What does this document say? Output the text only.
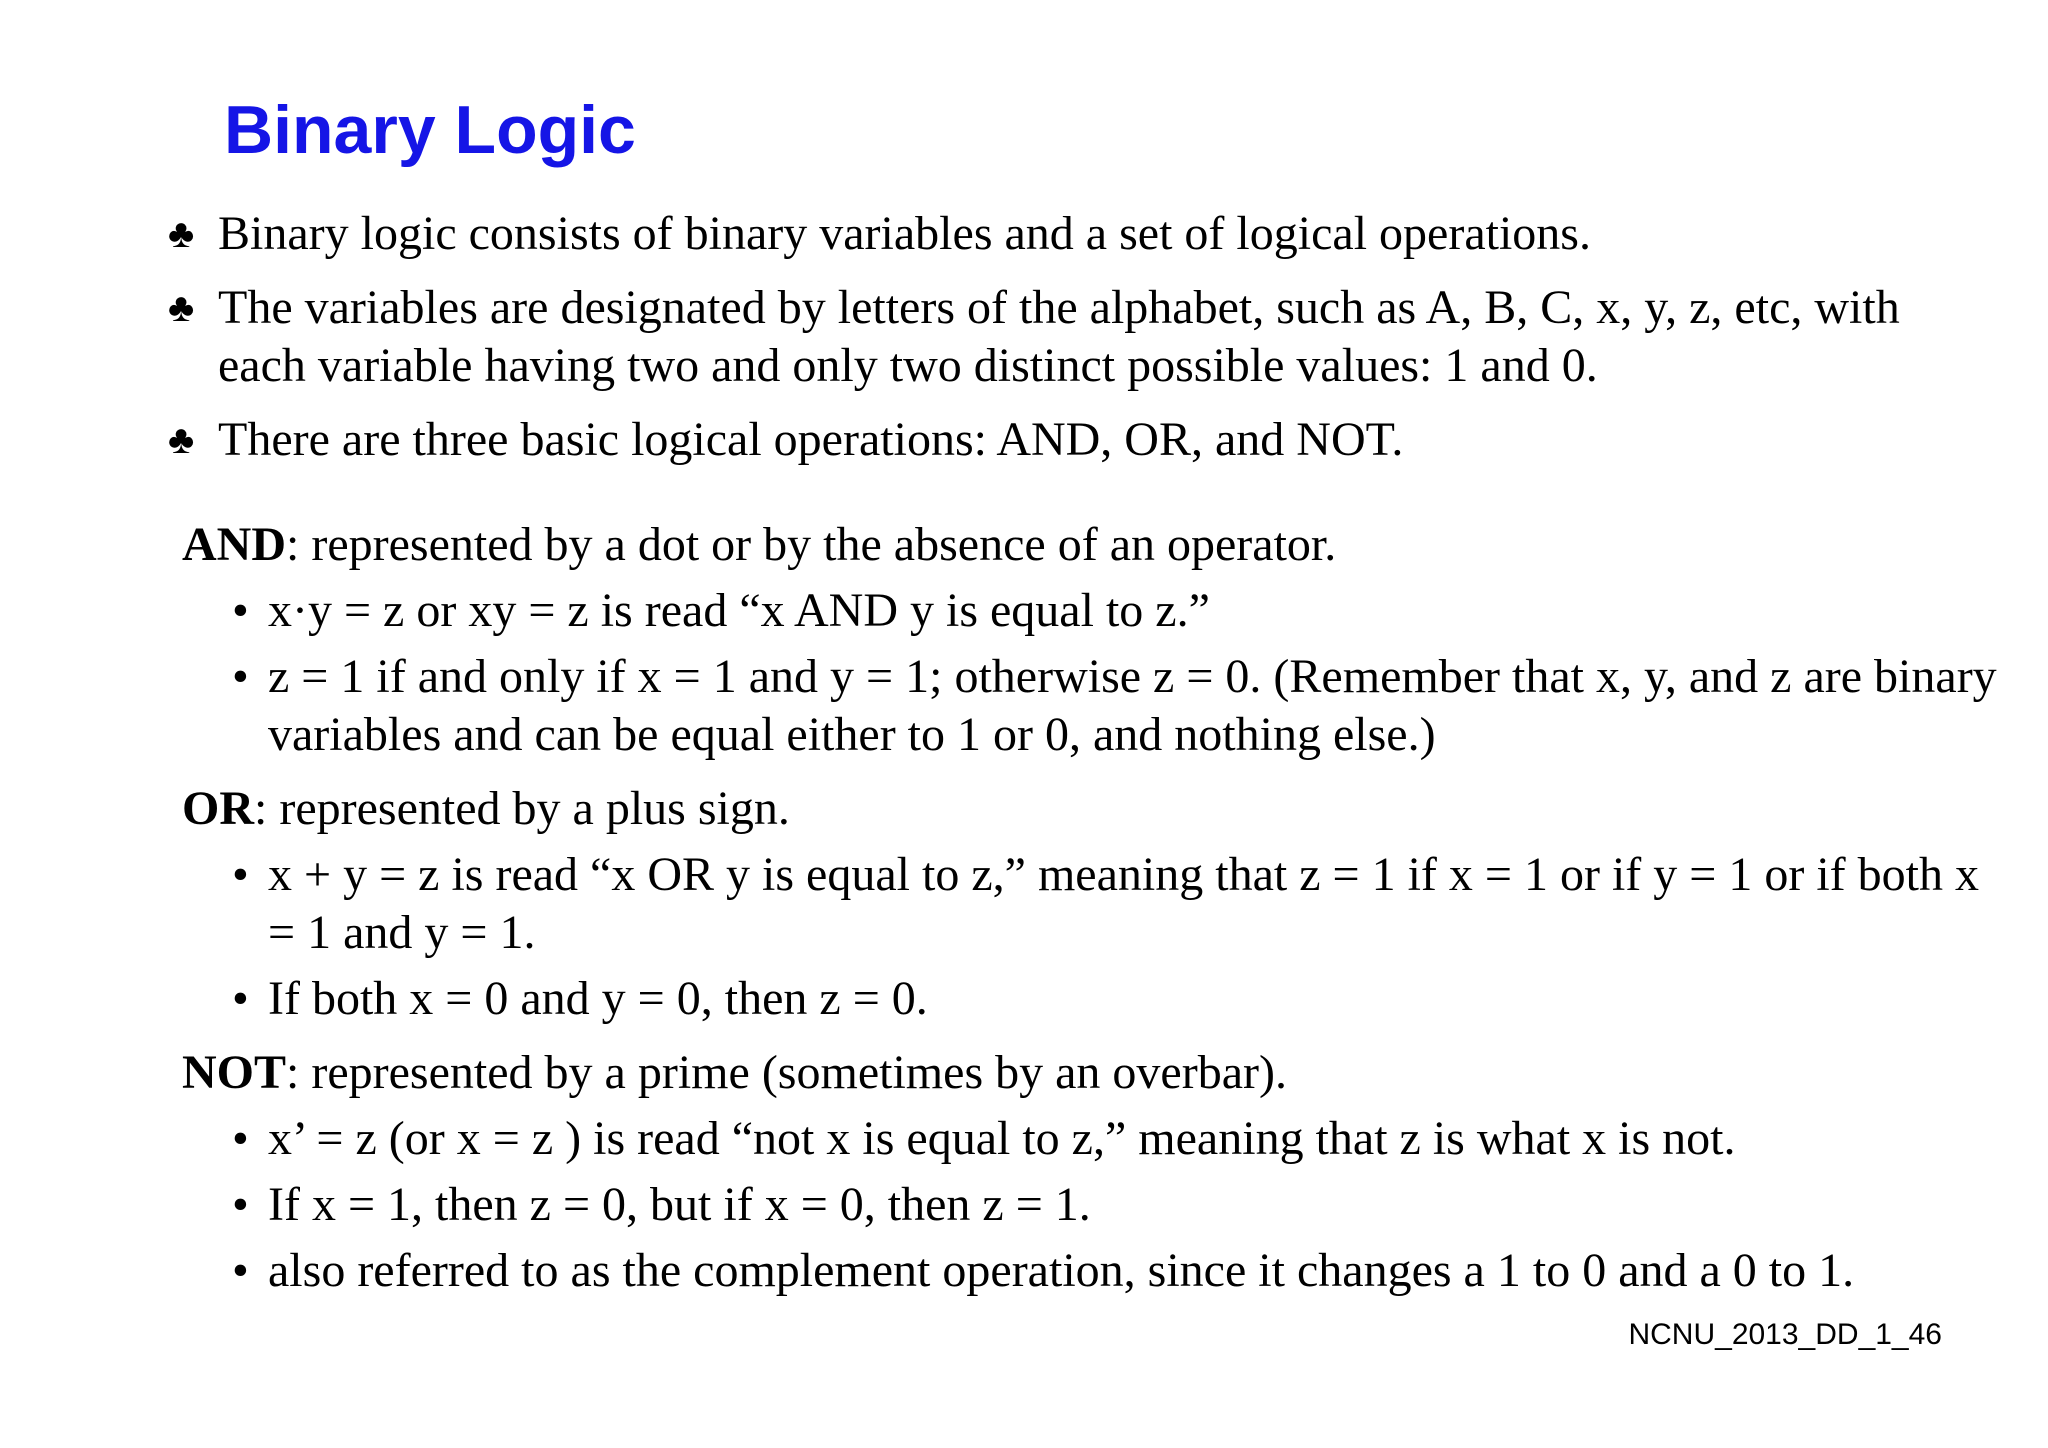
Binary Logic
♣ Binary logic consists of binary variables and a set of logical operations.
♣ The variables are designated by letters of the alphabet, such as A, B, C, x, y, z, etc, with each variable having two and only two distinct possible values: 1 and 0.
♣ There are three basic logical operations: AND, OR, and NOT.
AND: represented by a dot or by the absence of an operator.
• x·y = z or xy = z is read “x AND y is equal to z.”
• z = 1 if and only if x = 1 and y = 1; otherwise z = 0. (Remember that x, y, and z are binary variables and can be equal either to 1 or 0, and nothing else.)
OR: represented by a plus sign.
• x + y = z is read “x OR y is equal to z,” meaning that z = 1 if x = 1 or if y = 1 or if both x = 1 and y = 1.
• If both x = 0 and y = 0, then z = 0.
NOT: represented by a prime (sometimes by an overbar).
• x’ = z (or x = z ) is read “not x is equal to z,” meaning that z is what x is not.
• If x = 1, then z = 0, but if x = 0, then z = 1.
• also referred to as the complement operation, since it changes a 1 to 0 and a 0 to 1.
NCNU_2013_DD_1_46
